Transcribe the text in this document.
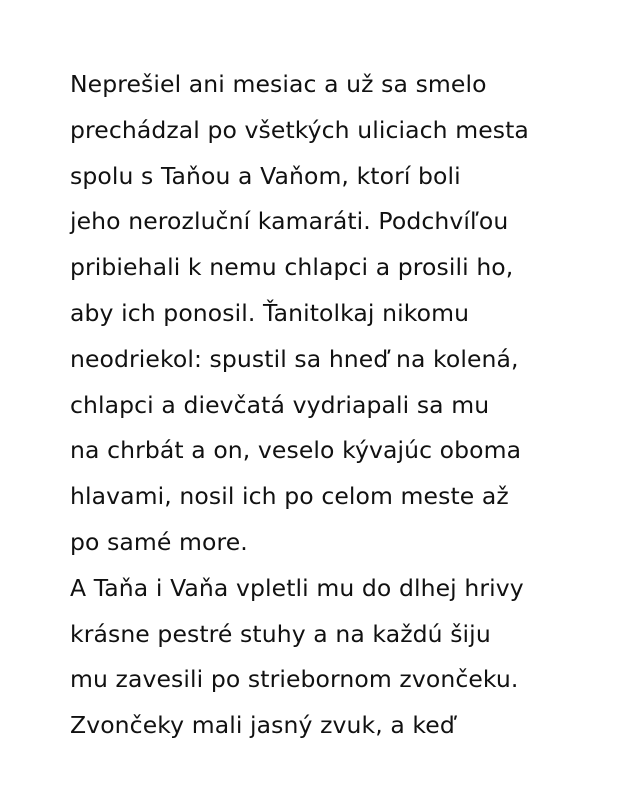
Neprešiel ani mesiac a už sa smelo
prechádzal po všetkých uliciach mesta
spolu s Taňou a Vaňom, ktorí boli
jeho nerozluční kamaráti. Podchvíľou
pribiehali k nemu chlapci a prosili ho,
aby ich ponosil. Ťanitolkaj nikomu
neodriekol: spustil sa hneď na kolená,
chlapci a dievčatá vydriapali sa mu
na chrbát a on, veselo kývajúc oboma
hlavami, nosil ich po celom meste až
po samé more.
A Taňa i Vaňa vpletli mu do dlhej hrivy
krásne pestré stuhy a na každú šiju
mu zavesili po striebornom zvončeku.
Zvončeky mali jasný zvuk, a keď
